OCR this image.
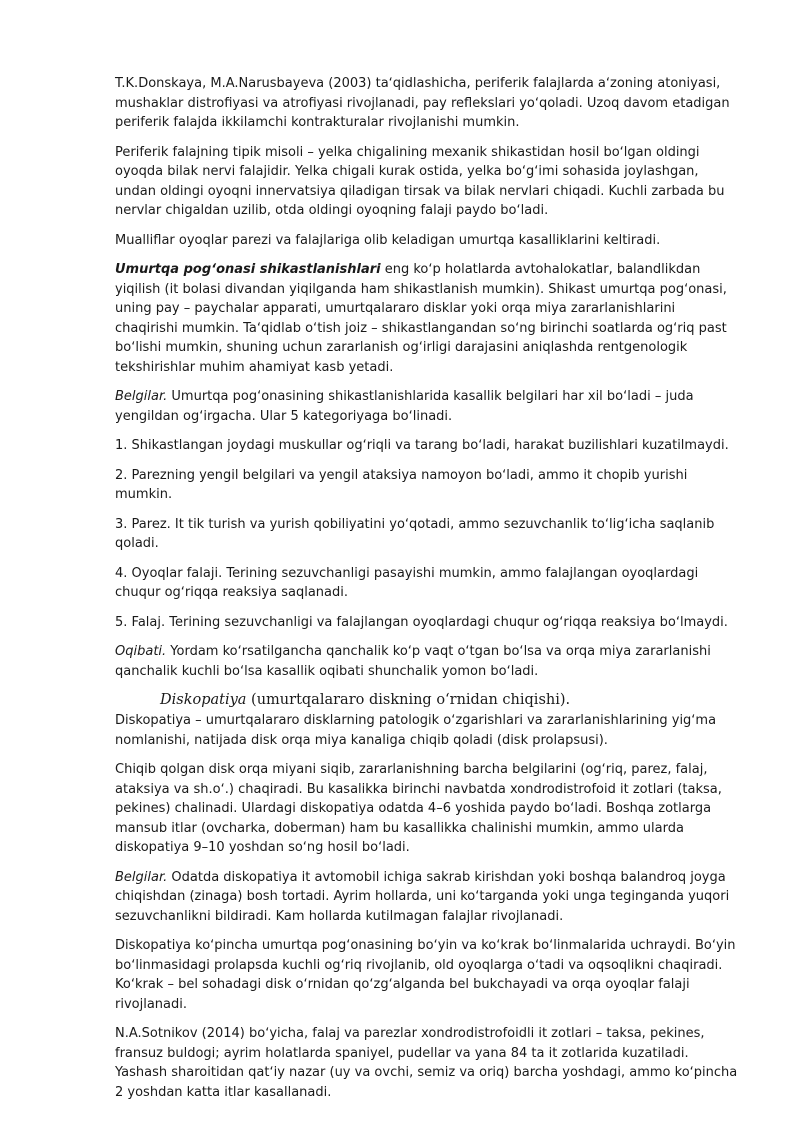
T.K.Donskaya, M.A.Narusbayeva (2003) taʻqidlashicha, periferik falajlarda aʻzoning atoniyasi, mushaklar distrofiyasi va atrofiyasi rivojlanadi, pay reflekslari yoʻqoladi. Uzoq davom etadigan periferik falajda ikkilamchi kontrakturalar rivojlanishi mumkin.

Periferik falajning tipik misoli – yelka chigalining mexanik shikastidan hosil boʻlgan oldingi oyoqda bilak nervi falajidir. Yelka chigali kurak ostida, yelka boʻgʻimi sohasida joylashgan, undan oldingi oyoqni innervatsiya qiladigan tirsak va bilak nervlari chiqadi. Kuchli zarbada bu nervlar chigaldan uzilib, otda oldingi oyoqning falaji paydo boʻladi.

Mualliflar oyoqlar parezi va falajlariga olib keladigan umurtqa kasalliklarini keltiradi.

Umurtqa pogʻonasi shikastlanishlari eng koʻp holatlarda avtohalokatlar, balandlikdan yiqilish (it bolasi divandan yiqilganda ham shikastlanish mumkin). Shikast umurtqa pogʻonasi, uning pay – paychalar apparati, umurtqalararo disklar yoki orqa miya zararlanishlarini chaqirishi mumkin. Taʻqidlab oʻtish joiz – shikastlangandan soʻng birinchi soatlarda ogʻriq past boʻlishi mumkin, shuning uchun zararlanish ogʻirligi darajasini aniqlashda rentgenologik tekshirishlar muhim ahamiyat kasb yetadi.

Belgilar. Umurtqa pogʻonasining shikastlanishlarida kasallik belgilari har xil boʻladi – juda yengildan ogʻirgacha. Ular 5 kategoriyaga boʻlinadi.

1. Shikastlangan joydagi muskullar ogʻriqli va tarang boʻladi, harakat buzilishlari kuzatilmaydi.

2. Parezning yengil belgilari va yengil ataksiya namoyon boʻladi, ammo it chopib yurishi mumkin.

3. Parez. It tik turish va yurish qobiliyatini yoʻqotadi, ammo sezuvchanlik toʻligʻicha saqlanib qoladi.

4. Oyoqlar falaji. Terining sezuvchanligi pasayishi mumkin, ammo falajlangan oyoqlardagi chuqur ogʻriqqa reaksiya saqlanadi.

5. Falaj. Terining sezuvchanligi va falajlangan oyoqlardagi chuqur ogʻriqqa reaksiya boʻlmaydi.

Oqibati. Yordam koʻrsatilgancha qanchalik koʻp vaqt oʻtgan boʻlsa va orqa miya zararlanishi qanchalik kuchli boʻlsa kasallik oqibati shunchalik yomon boʻladi.

Diskopatiya (umurtqalararo diskning oʻrnidan chiqishi).

Diskopatiya – umurtqalararo disklarning patologik oʻzgarishlari va zararlanishlarining yigʻma nomlanishi, natijada disk orqa miya kanaliga chiqib qoladi (disk prolapsusi).

Chiqib qolgan disk orqa miyani siqib, zararlanishning barcha belgilarini (ogʻriq, parez, falaj, ataksiya va sh.oʻ.) chaqiradi. Bu kasalikka birinchi navbatda xondrodistrofoid it zotlari (taksa, pekines) chalinadi. Ulardagi diskopatiya odatda 4–6 yoshida paydo boʻladi. Boshqa zotlarga mansub itlar (ovcharka, doberman) ham bu kasallikka chalinishi mumkin, ammo ularda diskopatiya 9–10 yoshdan soʻng hosil boʻladi.

Belgilar. Odatda diskopatiya it avtomobil ichiga sakrab kirishdan yoki boshqa balandroq joyga chiqishdan (zinaga) bosh tortadi. Ayrim hollarda, uni koʻtarganda yoki unga teginganda yuqori sezuvchanlikni bildiradi. Kam hollarda kutilmagan falajlar rivojlanadi.

Diskopatiya koʻpincha umurtqa pogʻonasining boʻyin va koʻkrak boʻlinmalarida uchraydi. Boʻyin boʻlinmasidagi prolapsda kuchli ogʻriq rivojlanib, old oyoqlarga oʻtadi va oqsoqlikni chaqiradi. Koʻkrak – bel sohadagi disk oʻrnidan qoʻzgʻalganda bel bukchayadi va orqa oyoqlar falaji rivojlanadi.

N.A.Sotnikov (2014) boʻyicha, falaj va parezlar xondrodistrofoidli it zotlari – taksa, pekines, fransuz buldogi; ayrim holatlarda spaniyel, pudellar va yana 84 ta it zotlarida kuzatiladi. Yashash sharoitidan qatʻiy nazar (uy va ovchi, semiz va oriq) barcha yoshdagi, ammo koʻpincha 2 yoshdan katta itlar kasallanadi.
